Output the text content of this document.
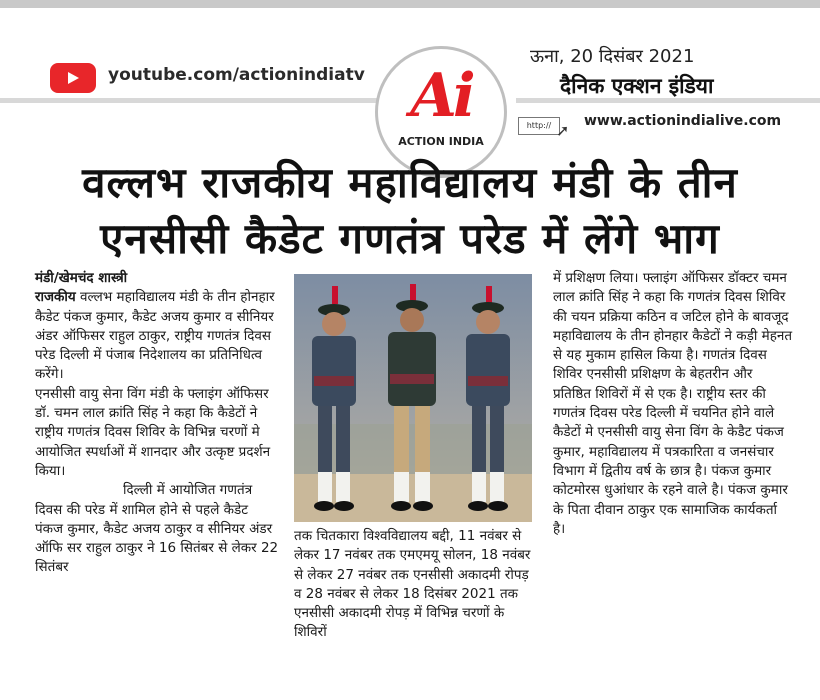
youtube.com/actionindiatv Ai
ACTION INDIA
ऊना, 20 दिसंबर 2021
दैनिक एक्शन इंडिया
http:// ➚ www.actionindialive.com
वल्लभ राजकीय महाविद्यालय मंडी के तीन
एनसीसी कैडेट गणतंत्र परेड में लेंगे भाग

मंडी/खेमचंद शास्त्री

राजकीय वल्लभ महाविद्यालय मंडी के तीन होनहार कैडेट पंकज कुमार, कैडेट अजय कुमार व सीनियर अंडर ऑफिसर राहुल ठाकुर, राष्ट्रीय गणतंत्र दिवस परेड दिल्ली में पंजाब निदेशालय का प्रतिनिधित्व करेंगे।

एनसीसी वायु सेना विंग मंडी के फ्लाइंग ऑफिसर डॉ. चमन लाल क्रांति सिंह ने कहा कि कैडेटों ने राष्ट्रीय गणतंत्र दिवस शिविर के विभिन्न चरणों मे आयोजित स्पर्धाओं में शानदार और उत्कृष्ट प्रदर्शन किया।

दिल्ली में आयोजित गणतंत्र दिवस की परेड में शामिल होने से पहले कैडेट पंकज कुमार, कैडेट अजय ठाकुर व सीनियर अंडर ऑफि सर राहुल ठाकुर ने 16 सितंबर से लेकर 22 सितंबर

तक चितकारा विश्वविद्यालय बद्दी, 11 नवंबर से लेकर 17 नवंबर तक एमएमयू सोलन, 18 नवंबर से लेकर 27 नवंबर तक एनसीसी अकादमी रोपड़ व 28 नवंबर से लेकर 18 दिसंबर 2021 तक एनसीसी अकादमी रोपड़ में विभिन्न चरणों के शिविरों

में प्रशिक्षण लिया। फ्लाइंग ऑफिसर डॉक्टर चमन लाल क्रांति सिंह ने कहा कि गणतंत्र दिवस शिविर की चयन प्रक्रिया कठिन व जटिल होने के बावजूद महाविद्यालय के तीन होनहार कैडेटों ने कड़ी मेहनत से यह मुकाम हासिल किया है। गणतंत्र दिवस शिविर एनसीसी प्रशिक्षण के बेहतरीन और प्रतिष्ठित शिविरों में से एक है। राष्ट्रीय स्तर की गणतंत्र दिवस परेड दिल्ली में चयनित होने वाले कैडेटों मे एनसीसी वायु सेना विंग के केडैट पंकज कुमार, महाविद्यालय में पत्रकारिता व जनसंचार विभाग में द्वितीय वर्ष के छात्र है। पंकज कुमार कोटमोरस धुआंधार के रहने वाले है। पंकज कुमार के पिता दीवान ठाकुर एक सामाजिक कार्यकर्ता है।
